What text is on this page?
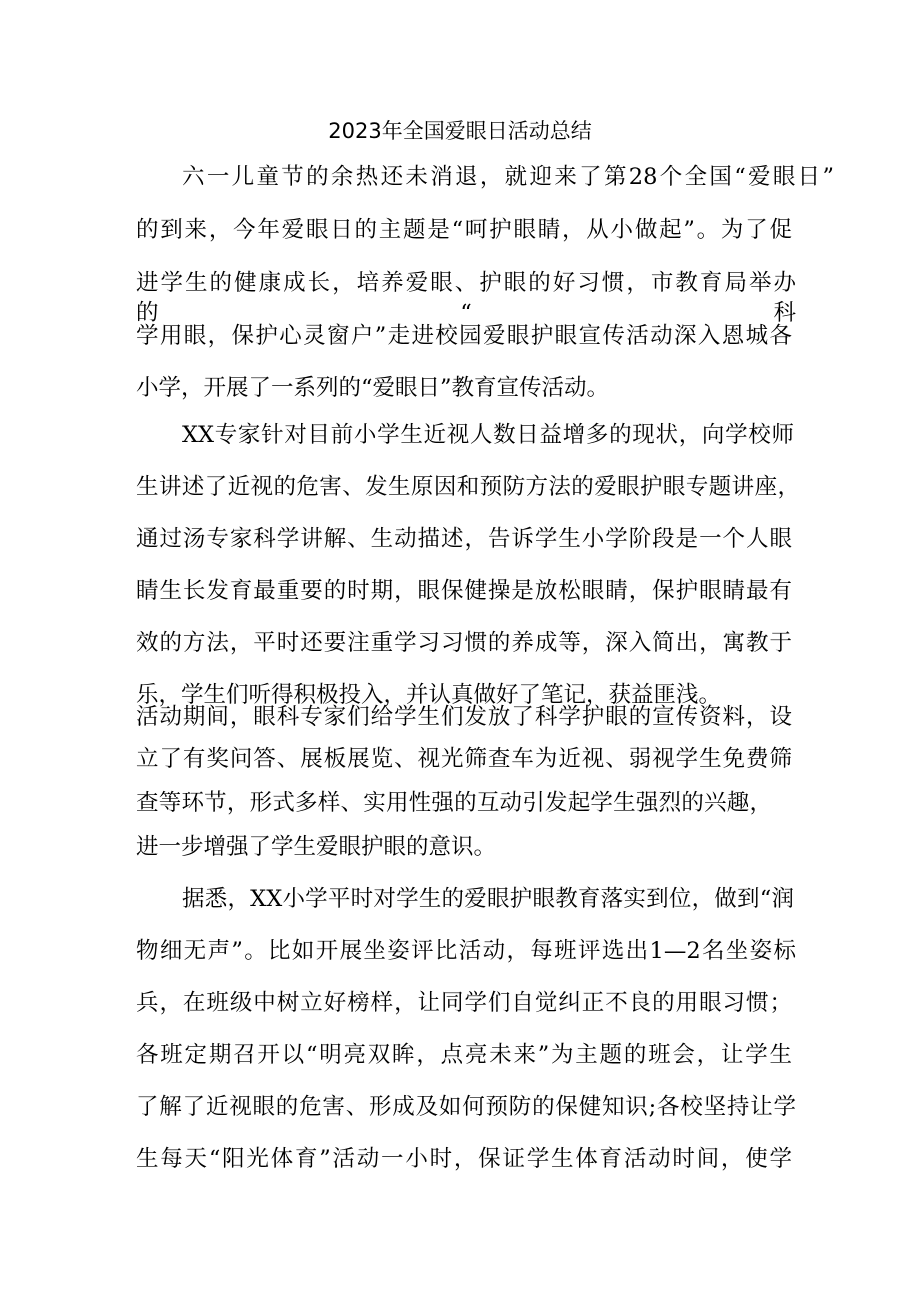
2023年全国爱眼日活动总结

六一儿童节的余热还未消退，就迎来了第28个全国“爱眼日”

的到来，今年爱眼日的主题是“呵护眼睛，从小做起”。为了促

进学生的健康成长，培养爱眼、护眼的好习惯，市教育局举办的“科

学用眼，保护心灵窗户”走进校园爱眼护眼宣传活动深入恩城各

小学，开展了一系列的“爱眼日”教育宣传活动。

XX专家针对目前小学生近视人数日益增多的现状，向学校师

生讲述了近视的危害、发生原因和预防方法的爱眼护眼专题讲座，

通过汤专家科学讲解、生动描述，告诉学生小学阶段是一个人眼

睛生长发育最重要的时期，眼保健操是放松眼睛，保护眼睛最有

效的方法，平时还要注重学习习惯的养成等，深入简出，寓教于

乐，学生们听得积极投入，并认真做好了笔记，获益匪浅。

活动期间，眼科专家们给学生们发放了科学护眼的宣传资料，设

立了有奖问答、展板展览、视光筛查车为近视、弱视学生免费筛

查等环节，形式多样、实用性强的互动引发起学生强烈的兴趣，

进一步增强了学生爱眼护眼的意识。

据悉，XX小学平时对学生的爱眼护眼教育落实到位，做到“润

物细无声”。比如开展坐姿评比活动，每班评选出1—2名坐姿标

兵，在班级中树立好榜样，让同学们自觉纠正不良的用眼习惯；

各班定期召开以“明亮双眸，点亮未来”为主题的班会，让学生

了解了近视眼的危害、形成及如何预防的保健知识;各校坚持让学

生每天“阳光体育”活动一小时，保证学生体育活动时间，使学
